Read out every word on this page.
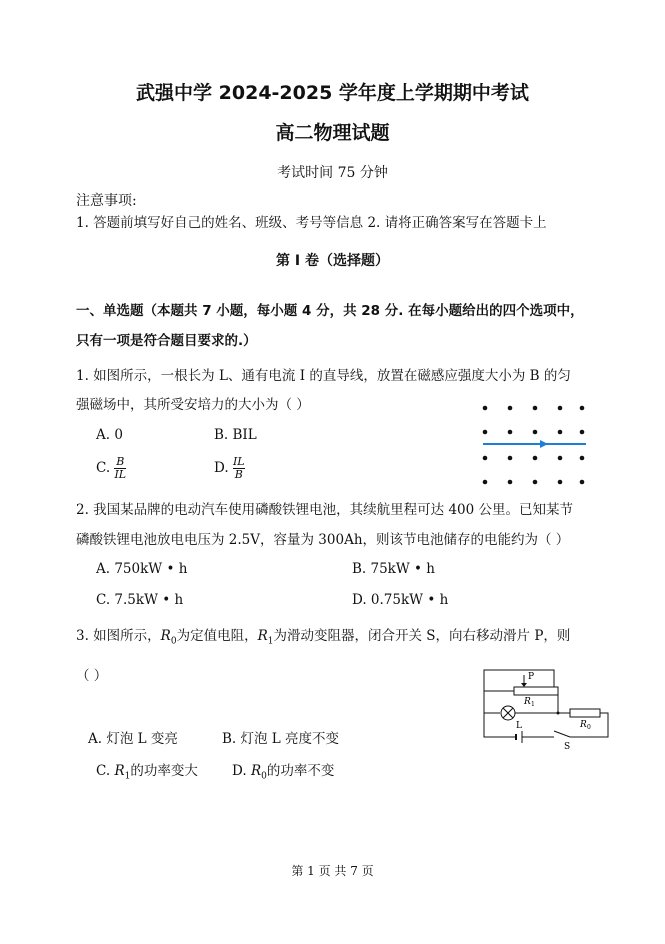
武强中学 2024-2025 学年度上学期期中考试
高二物理试题
考试时间 75 分钟
注意事项:
1. 答题前填写好自己的姓名、班级、考号等信息 2. 请将正确答案写在答题卡上
第 I 卷（选择题）
一、单选题（本题共 7 小题，每小题 4 分，共 28 分. 在每小题给出的四个选项中，
只有一项是符合题目要求的.）
1. 如图所示，一根长为 L、通有电流 I 的直导线，放置在磁感应强度大小为 B 的匀
强磁场中，其所受安培力的大小为（ ）
A. 0	B. BIL
C. $\frac{B}{IL}$	D. $\frac{IL}{B}$
2. 我国某品牌的电动汽车使用磷酸铁锂电池，其续航里程可达 400 公里。已知某节
磷酸铁锂电池放电电压为 2.5V，容量为 300Ah，则该节电池储存的电能约为（ ）
A. 750kW • h	B. 75kW • h
C. 7.5kW • h	D. 0.75kW • h
3. 如图所示，$R_0$为定值电阻，$R_1$为滑动变阻器，闭合开关 S，向右移动滑片 P，则
（ ）
A. 灯泡 L 变亮	B. 灯泡 L 亮度不变
C. $R_1$的功率变大	D. $R_0$的功率不变
P
R 1
L	R 0
S
第 1 页 共 7 页
